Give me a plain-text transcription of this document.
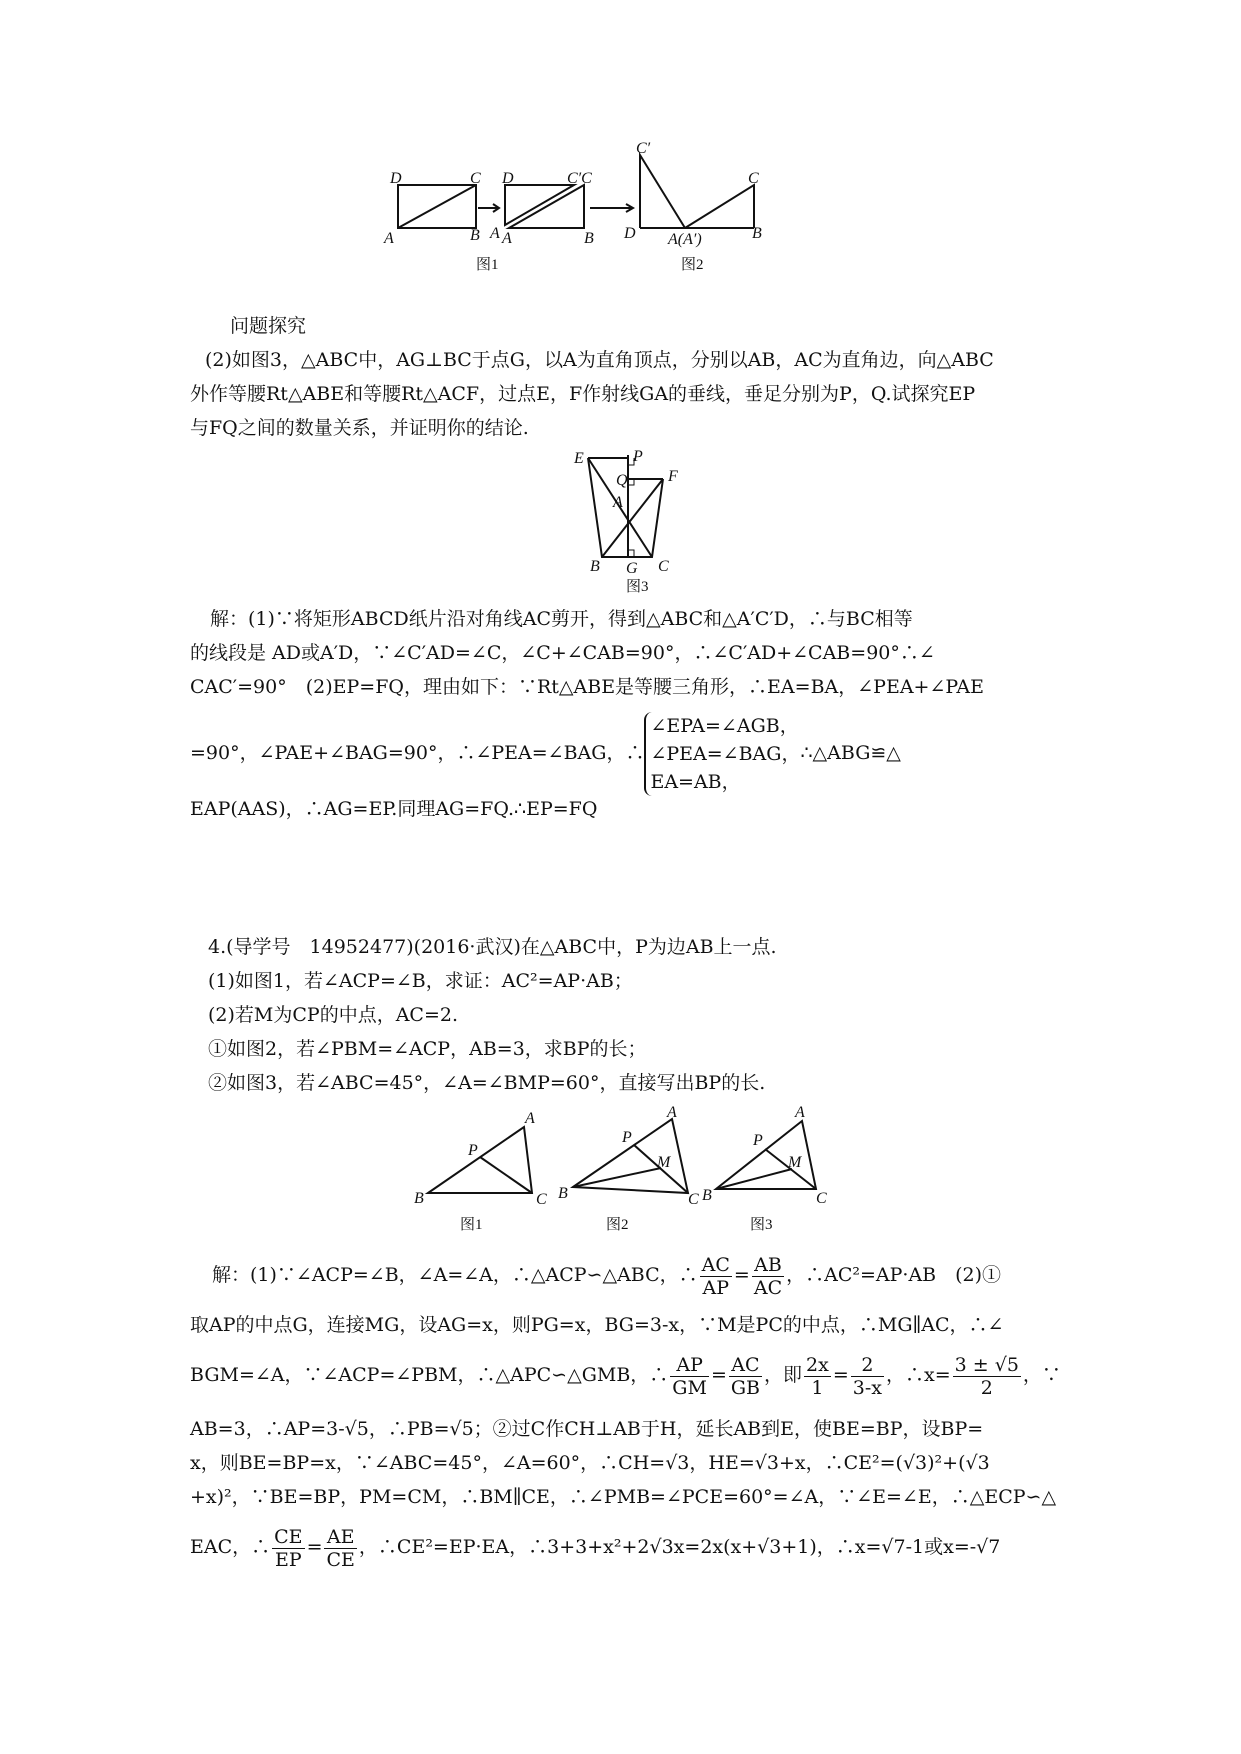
D	C
A	B
D	C′C
A A	B
C′
C
D A(A′)	B
图1	图2

问题探究

(2)如图3，△ABC中，AG⊥BC于点G，以A为直角顶点，分别以AB，AC为直角边，向△ABC

外作等腰Rt△ABE和等腰Rt△ACF，过点E，F作射线GA的垂线，垂足分别为P，Q.试探究EP

与FQ之间的数量关系，并证明你的结论.

E	P
Q	F
A
B G C
图3

解：(1)∵将矩形ABCD纸片沿对角线AC剪开，得到△ABC和△A′C′D，∴与BC相等

的线段是 AD或A′D，∵∠C′AD=∠C，∠C+∠CAB=90°，∴∠C′AD+∠CAB=90°∴∠

CAC′=90°　(2)EP=FQ，理由如下：∵Rt△ABE是等腰三角形，∴EA=BA，∠PEA+∠PAE

=90°，∠PAE+∠BAG=90°，∴∠PEA=∠BAG，∴
∠EPA=∠AGB，
∠PEA=∠BAG，
EA=AB，
∴△ABG≌△

EAP(AAS)，∴AG=EP.同理AG=FQ.∴EP=FQ

4.(导学号　14952477)(2016·武汉)在△ABC中，P为边AB上一点.

(1)如图1，若∠ACP=∠B，求证：AC²=AP·AB；

(2)若M为CP的中点，AC=2.

①如图2，若∠PBM=∠ACP，AB=3，求BP的长；

②如图3，若∠ABC=45°，∠A=∠BMP=60°，直接写出BP的长.

A
P
B	C
图1
A
P
M
B	C
图2
A
P
M
B	C
图3
解：(1)∵∠ACP=∠B，∠A=∠A，∴△ACP∽△ABC，∴ $\frac{AC}{AP} = \frac{AB}{AC}$ ，∴AC²=AP·AB　(2)①

取AP的中点G，连接MG，设AG=x，则PG=x，BG=3-x，∵M是PC的中点，∴MG∥AC，∴∠

BGM=∠A，∵∠ACP=∠PBM，∴△APC∽△GMB，∴ $\frac{AP}{GM} = \frac{AC}{GB}$ ，即 $\frac{2x}{1} = \frac{2}{3-x}$ ，∴x= $\frac{3 \pm √5}{2}$ ，∵

AB=3，∴AP=3-√5，∴PB=√5；②过C作CH⊥AB于H，延长AB到E，使BE=BP，设BP=

x，则BE=BP=x，∵∠ABC=45°，∠A=60°，∴CH=√3，HE=√3+x，∴CE²=(√3)²+(√3

+x)²，∵BE=BP，PM=CM，∴BM∥CE，∴∠PMB=∠PCE=60°=∠A，∵∠E=∠E，∴△ECP∽△

EAC，∴ $\frac{CE}{EP} = \frac{AE}{CE}$ ，∴CE²=EP·EA，∴3+3+x²+2√3x=2x(x+√3+1)，∴x=√7-1或x=-√7
